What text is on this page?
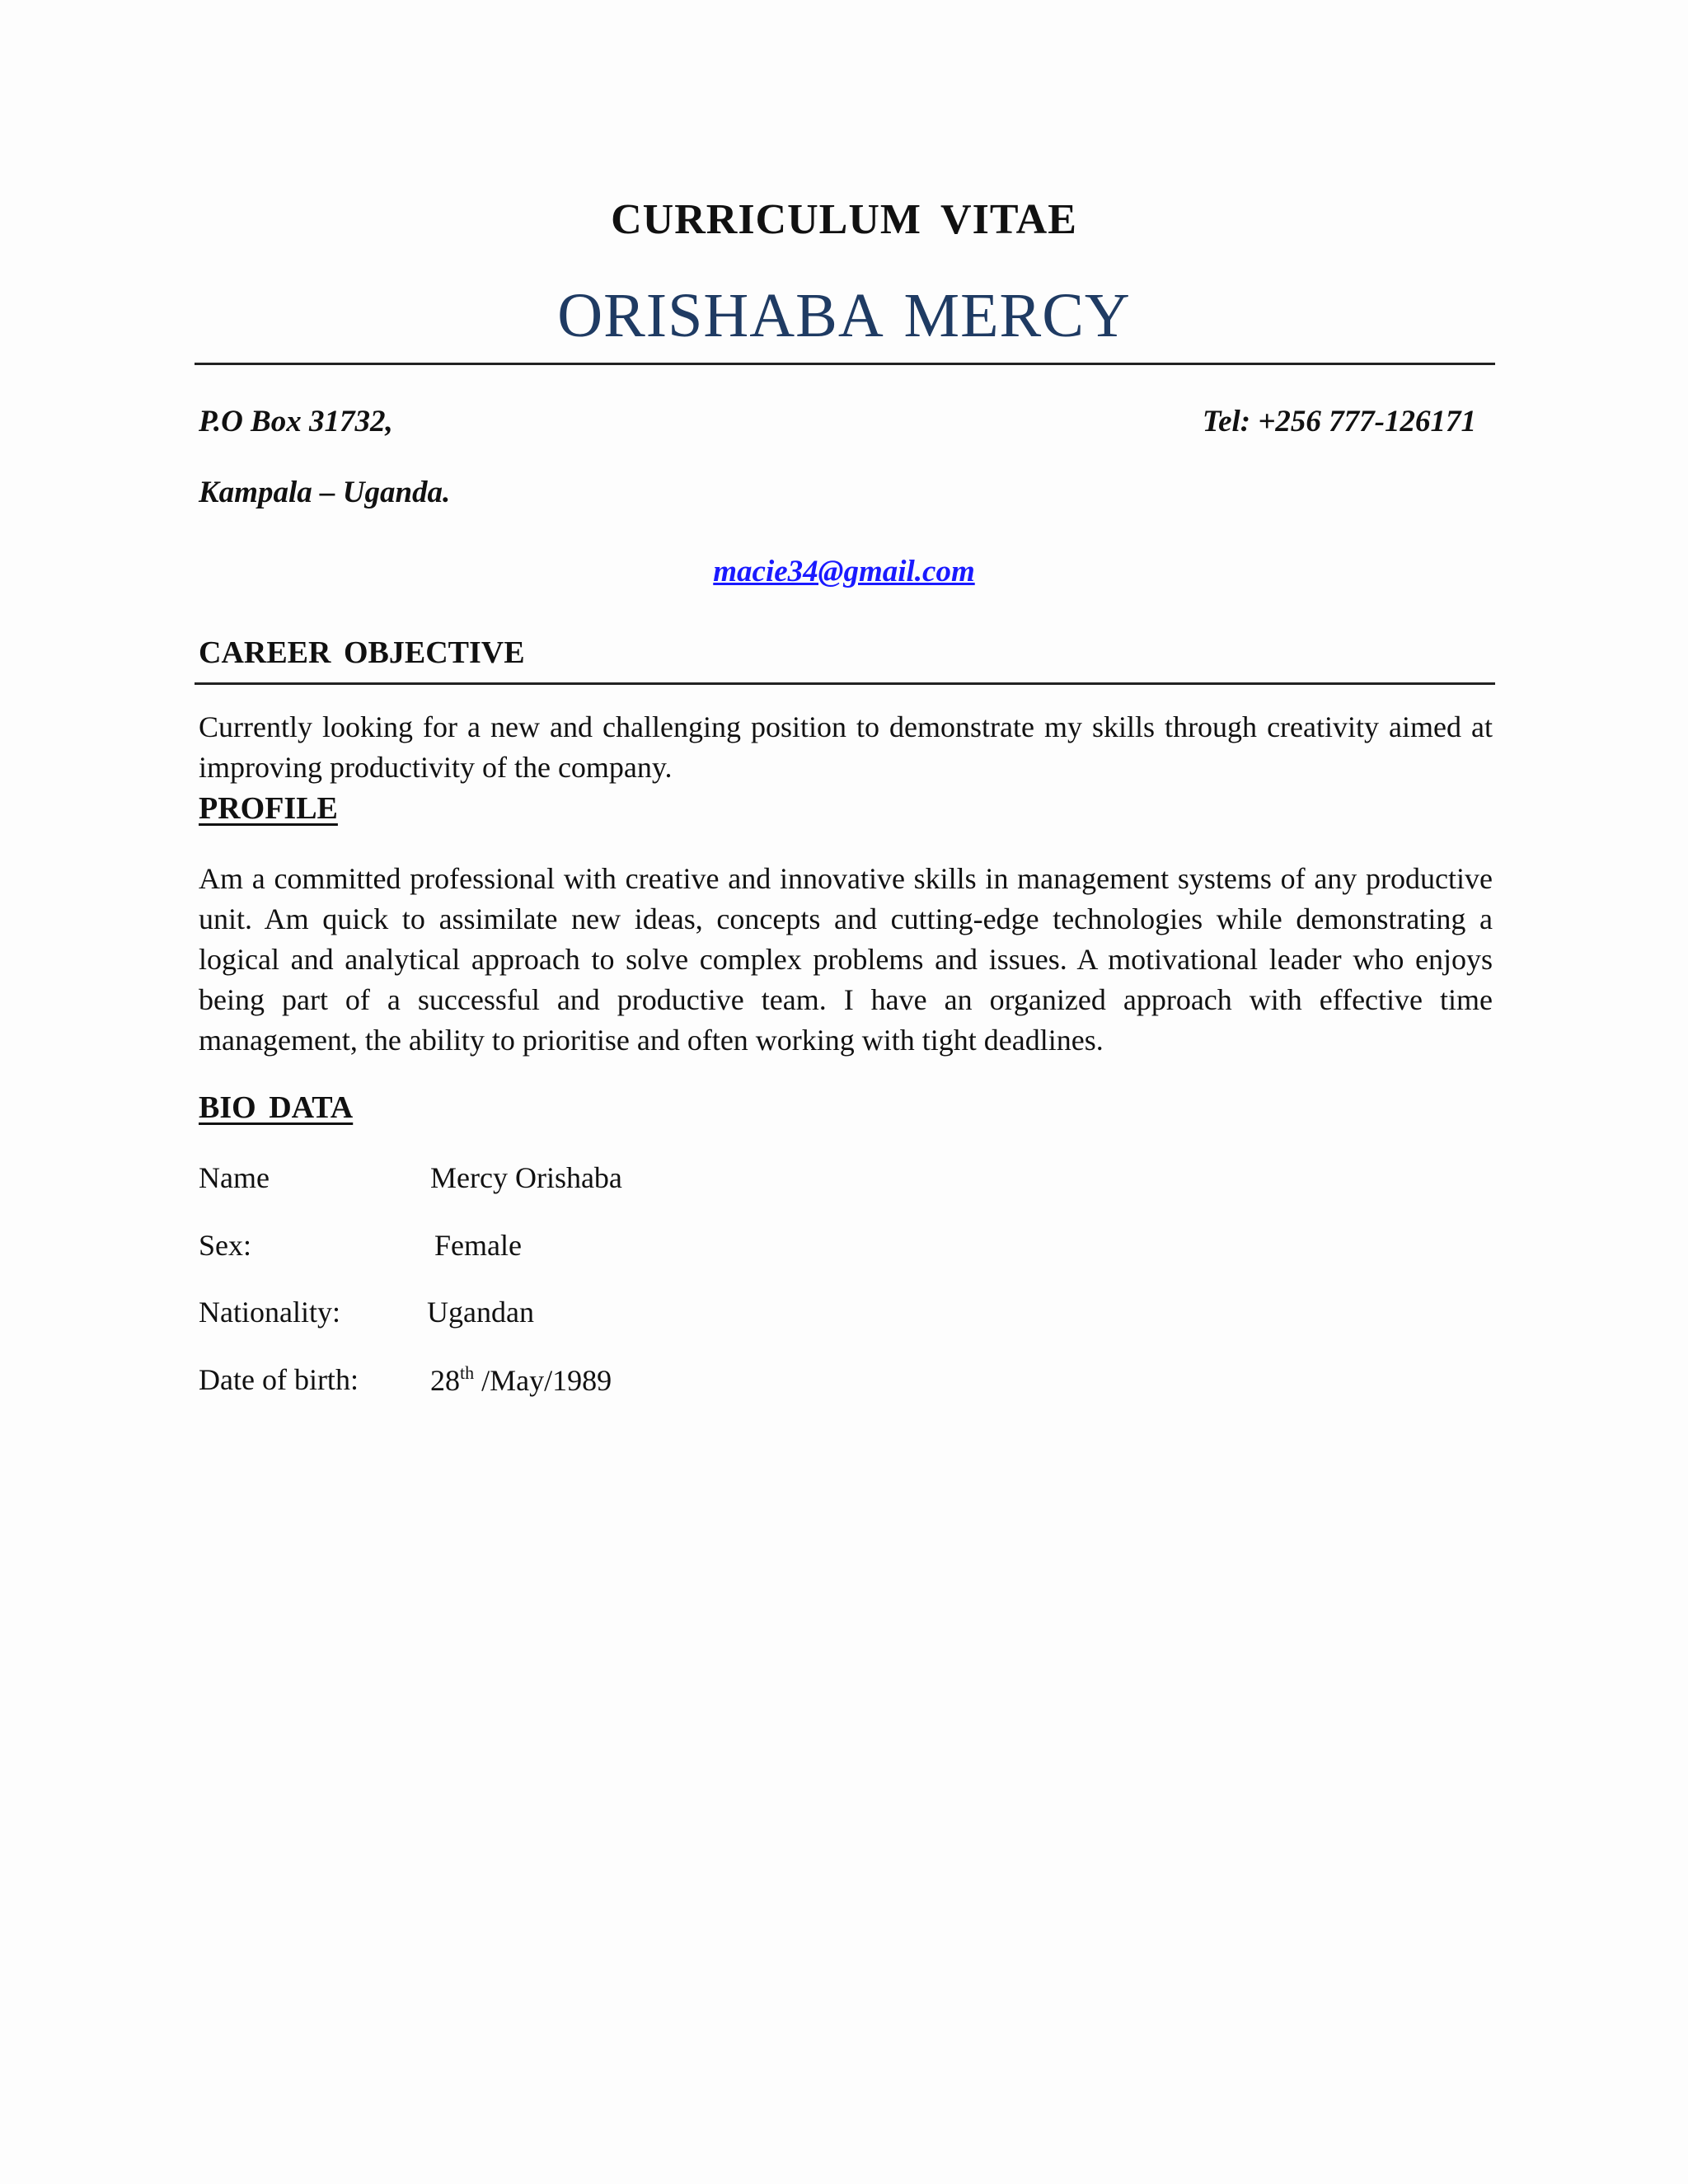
CURRICULUM VITAE
ORISHABA MERCY
P.O Box 31732,	Tel: +256 777-126171
Kampala – Uganda.
macie34@gmail.com
CAREER OBJECTIVE
Currently looking for a new and challenging position to demonstrate my skills through creativity aimed at improving productivity of the company.
PROFILE
Am a committed professional with creative and innovative skills in management systems of any productive unit. Am quick to assimilate new ideas, concepts and cutting-edge technologies while demonstrating a logical and analytical approach to solve complex problems and issues. A motivational leader who enjoys being part of a successful and productive team. I have an organized approach with effective time management, the ability to prioritise and often working with tight deadlines.
BIO DATA
Name	Mercy Orishaba
Sex:	Female
Nationality:	Ugandan
Date of birth: 28th /May/1989
